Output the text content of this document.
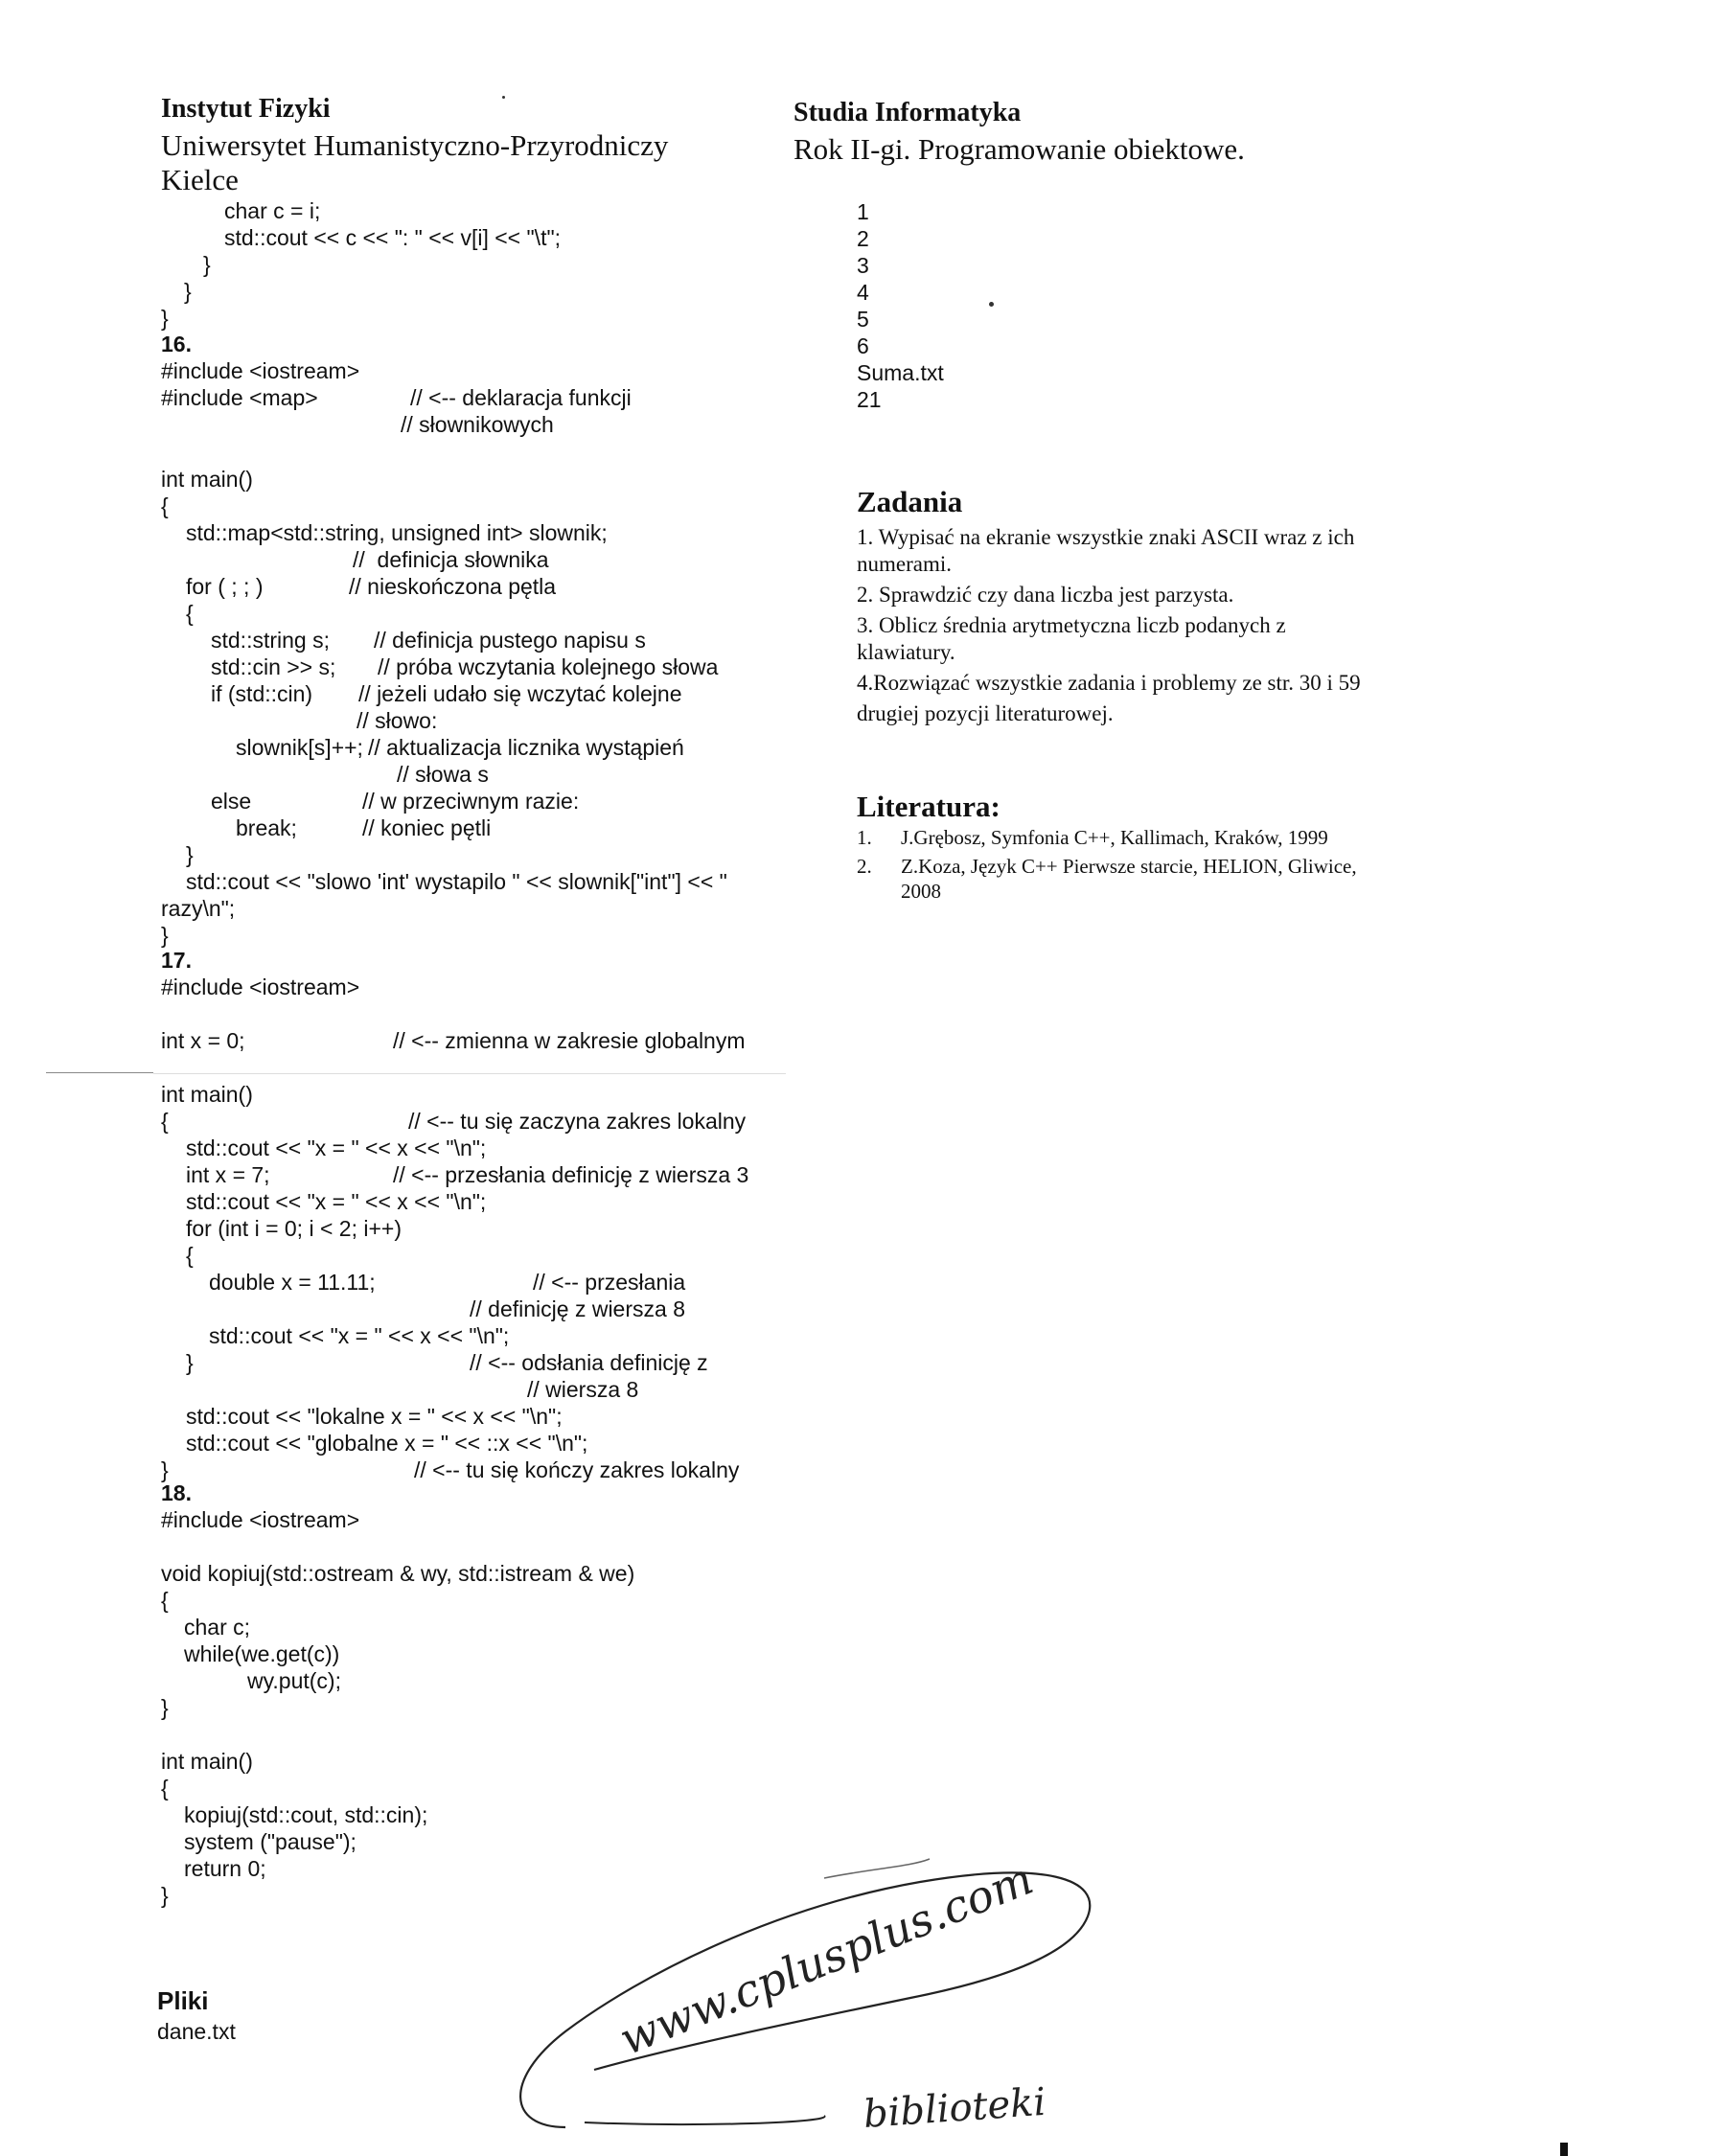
Instytut Fizyki
Uniwersytet Humanistyczno-Przyrodniczy
Kielce
Studia Informatyka
Rok II-gi. Programowanie obiektowe.
char c = i;
std::cout << c << ": " << v[i] << "\t";
}
}
}
16.
#include <iostream>
#include <map>	// <-- deklaracja funkcji
// słownikowych
int main()
{
std::map<std::string, unsigned int> slownik;
//  definicja słownika
for ( ; ; )	// nieskończona pętla
{
std::string s; // definicja pustego napisu s
std::cin >> s; // próba wczytania kolejnego słowa
if (std::cin) // jeżeli udało się wczytać kolejne
// słowo:
slownik[s]++; // aktualizacja licznika wystąpień
// słowa s
else	// w przeciwnym razie:
break;	// koniec pętli
}
std::cout << "slowo 'int' wystapilo " << slownik["int"] << "
razy\n";
}
17.
#include <iostream>
int x = 0;	// <-- zmienna w zakresie globalnym
int main()
{	// <-- tu się zaczyna zakres lokalny
std::cout << "x = " << x << "\n";
int x = 7;	// <-- przesłania definicję z wiersza 3
std::cout << "x = " << x << "\n";
for (int i = 0; i < 2; i++)
{
double x = 11.11;	// <-- przesłania
// definicję z wiersza 8
std::cout << "x = " << x << "\n";
}	// <-- odsłania definicję z
// wiersza 8
std::cout << "lokalne x = " << x << "\n";
std::cout << "globalne x = " << ::x << "\n";
}	// <-- tu się kończy zakres lokalny
18.
#include <iostream>
void kopiuj(std::ostream & wy, std::istream & we)
{
char c;
while(we.get(c))
wy.put(c);
}
int main()
{
kopiuj(std::cout, std::cin);
system ("pause");
return 0;
}
Pliki
dane.txt
1
2
3
4
5
6
Suma.txt
21
Zadania
1. Wypisać na ekranie wszystkie znaki ASCII wraz z ich
numerami.
2. Sprawdzić czy dana liczba jest parzysta.
3. Oblicz średnia arytmetyczna liczb podanych z
klawiatury.
4.Rozwiązać wszystkie zadania i problemy ze str. 30 i 59
drugiej pozycji literaturowej.
Literatura:
1. J.Grębosz, Symfonia C++, Kallimach, Kraków, 1999
2. Z.Koza, Język C++ Pierwsze starcie, HELION, Gliwice,
2008
www.cplusplus.com
biblioteki
